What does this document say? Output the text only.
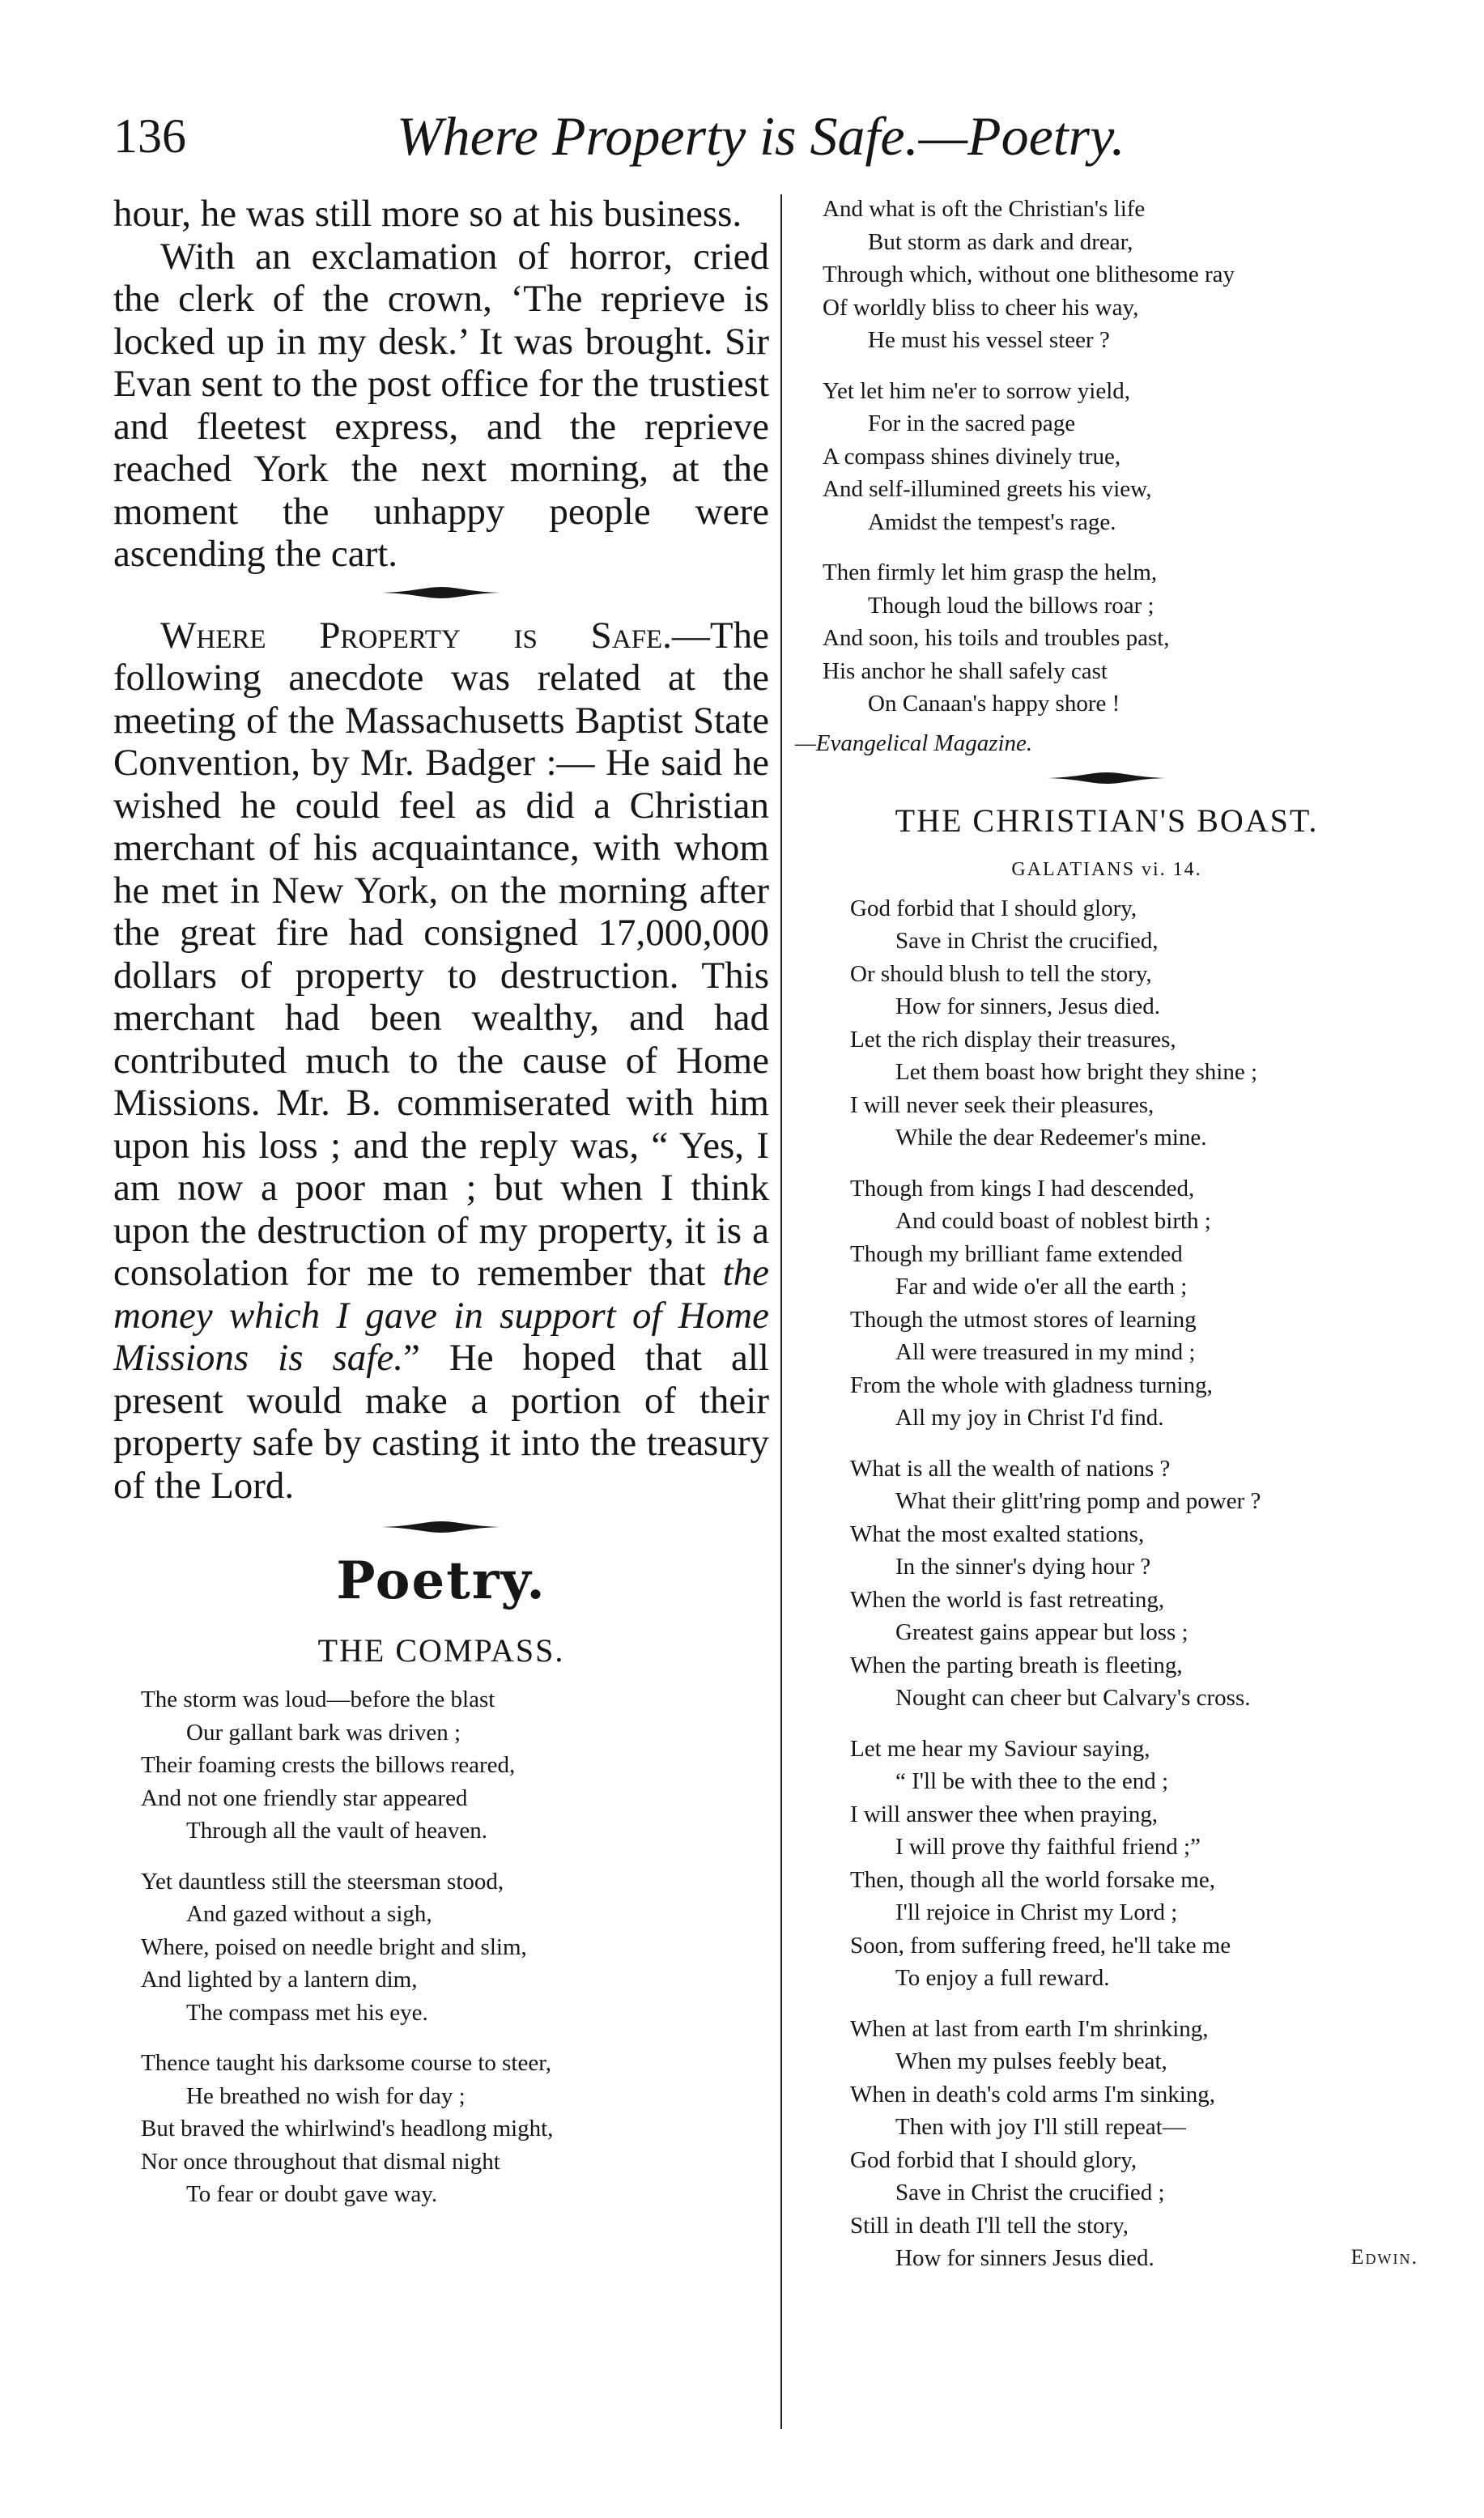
136	Where Property is Safe.—Poetry.

hour, he was still more so at his business.

With an exclamation of horror, cried the clerk of the crown, ‘The reprieve is locked up in my desk.’ It was brought. Sir Evan sent to the post office for the trustiest and fleetest express, and the reprieve reached York the next morning, at the moment the unhappy people were ascending the cart.

Where Property is Safe.—The following anecdote was related at the meeting of the Massachusetts Baptist State Convention, by Mr. Badger :— He said he wished he could feel as did a Christian merchant of his acquaintance, with whom he met in New York, on the morning after the great fire had consigned 17,000,000 dollars of property to destruction. This merchant had been wealthy, and had contributed much to the cause of Home Missions. Mr. B. commiserated with him upon his loss ; and the reply was, “ Yes, I am now a poor man ; but when I think upon the destruction of my property, it is a consolation for me to remember that the money which I gave in support of Home Missions is safe.” He hoped that all present would make a portion of their property safe by casting it into the treasury of the Lord.

Poetry.
THE COMPASS.
The storm was loud—before the blast
Our gallant bark was driven ;
Their foaming crests the billows reared,
And not one friendly star appeared
Through all the vault of heaven.
Yet dauntless still the steersman stood,
And gazed without a sigh,
Where, poised on needle bright and slim,
And lighted by a lantern dim,
The compass met his eye.
Thence taught his darksome course to steer,
He breathed no wish for day ;
But braved the whirlwind's headlong might,
Nor once throughout that dismal night
To fear or doubt gave way.
And what is oft the Christian's life
But storm as dark and drear,
Through which, without one blithesome ray
Of worldly bliss to cheer his way,
He must his vessel steer ?
Yet let him ne'er to sorrow yield,
For in the sacred page
A compass shines divinely true,
And self-illumined greets his view,
Amidst the tempest's rage.
Then firmly let him grasp the helm,
Though loud the billows roar ;
And soon, his toils and troubles past,
His anchor he shall safely cast
On Canaan's happy shore !
—Evangelical Magazine.
THE CHRISTIAN'S BOAST.
GALATIANS vi. 14.
God forbid that I should glory,
Save in Christ the crucified,
Or should blush to tell the story,
How for sinners, Jesus died.
Let the rich display their treasures,
Let them boast how bright they shine ;
I will never seek their pleasures,
While the dear Redeemer's mine.
Though from kings I had descended,
And could boast of noblest birth ;
Though my brilliant fame extended
Far and wide o'er all the earth ;
Though the utmost stores of learning
All were treasured in my mind ;
From the whole with gladness turning,
All my joy in Christ I'd find.
What is all the wealth of nations ?
What their glitt'ring pomp and power ?
What the most exalted stations,
In the sinner's dying hour ?
When the world is fast retreating,
Greatest gains appear but loss ;
When the parting breath is fleeting,
Nought can cheer but Calvary's cross.
Let me hear my Saviour saying,
“ I'll be with thee to the end ;
I will answer thee when praying,
I will prove thy faithful friend ;”
Then, though all the world forsake me,
I'll rejoice in Christ my Lord ;
Soon, from suffering freed, he'll take me
To enjoy a full reward.
When at last from earth I'm shrinking,
When my pulses feebly beat,
When in death's cold arms I'm sinking,
Then with joy I'll still repeat—
God forbid that I should glory,
Save in Christ the crucified ;
Still in death I'll tell the story,
How for sinners Jesus died.	Edwin.
